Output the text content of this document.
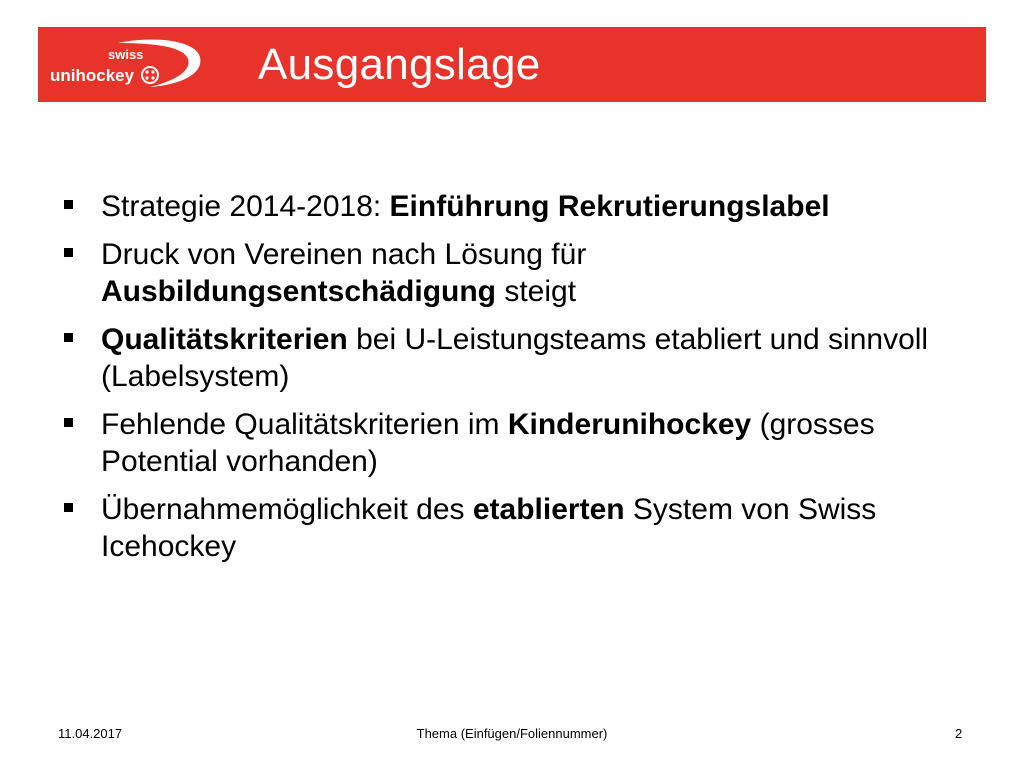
swiss
unihockey	Ausgangslage
Strategie 2014-2018: Einführung Rekrutierungslabel
Druck von Vereinen nach Lösung für Ausbildungsentschädigung steigt
Qualitätskriterien bei U-Leistungsteams etabliert und sinnvoll (Labelsystem)
Fehlende Qualitätskriterien im Kinderunihockey (grosses Potential vorhanden)
Übernahmemöglichkeit des etablierten System von Swiss Icehockey
11.04.2017	Thema (Einfügen/Foliennummer)	2
